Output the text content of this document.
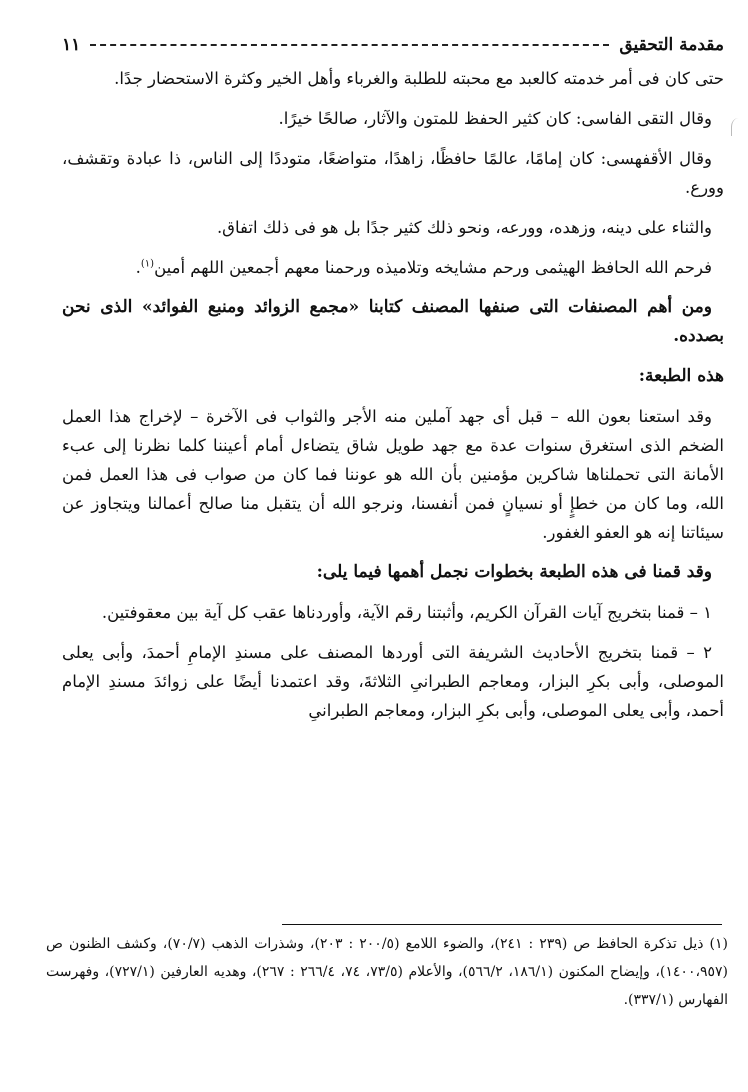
مقدمة التحقيق
١١

حتى كان فى أمر خدمته كالعبد مع محبته للطلبة والغرباء وأهل الخير وكثرة الاستحضار جدًا.

وقال التقى الفاسى: كان كثير الحفظ للمتون والآثار، صالحًا خيرًا.

وقال الأقفهسى: كان إمامًا، عالمًا حافظًا، زاهدًا، متواضعًا، متوددًا إلى الناس، ذا عبادة وتقشف، وورع.

والثناء على دينه، وزهده، وورعه، ونحو ذلك كثير جدًا بل هو فى ذلك اتفاق.

فرحم الله الحافظ الهيثمى ورحم مشايخه وتلاميذه ورحمنا معهم أجمعين اللهم أمين$^{(١)}$.

ومن أهم المصنفات التى صنفها المصنف كتابنا «مجمع الزوائد ومنبع الفوائد» الذى نحن بصدده.

هذه الطبعة:

وقد استعنا بعون الله – قبل أى جهد آملين منه الأجر والثواب فى الآخرة – لإخراج هذا العمل الضخم الذى استغرق سنوات عدة مع جهد طويل شاق يتضاءل أمام أعيننا كلما نظرنا إلى عبء الأمانة التى تحملناها شاكرين مؤمنين بأن الله هو عوننا فما كان من صواب فى هذا العمل فمن الله، وما كان من خطإٍ أو نسيانٍ فمن أنفسنا، ونرجو الله أن يتقبل منا صالح أعمالنا ويتجاوز عن سيئاتنا إنه هو العفو الغفور.

وقد قمنا فى هذه الطبعة بخطوات نجمل أهمها فيما يلى:

١ – قمنا بتخريج آيات القرآن الكريم، وأثبتنا رقم الآية، وأوردناها عقب كل آية بين معقوفتين.

٢ – قمنا بتخريج الأحاديث الشريفة التى أوردها المصنف على مسندِ الإمامِ أحمدَ، وأبى يعلى الموصلى، وأبى بكرِ البزار، ومعاجم الطبرانىِ الثلاثةَ، وقد اعتمدنا أيضًا على زوائدَ مسندِ الإمام أحمد، وأبى يعلى الموصلى، وأبى بكرِ البزار، ومعاجم الطبرانىِ

(١) ذيل تذكرة الحافظ ص (٢٣٩ : ٢٤١)، والضوء اللامع (٢٠٠/٥ : ٢٠٣)، وشذرات الذهب (٧٠/٧)، وكشف الظنون ص (١٤٠٠،٩٥٧)، وإيضاح المكنون (١٨٦/١، ٥٦٦/٢)، والأعلام (٧٣/٥، ٧٤، ٢٦٦/٤ : ٢٦٧)، وهديه العارفين (٧٢٧/١)، وفهرست الفهارس (٣٣٧/١).
